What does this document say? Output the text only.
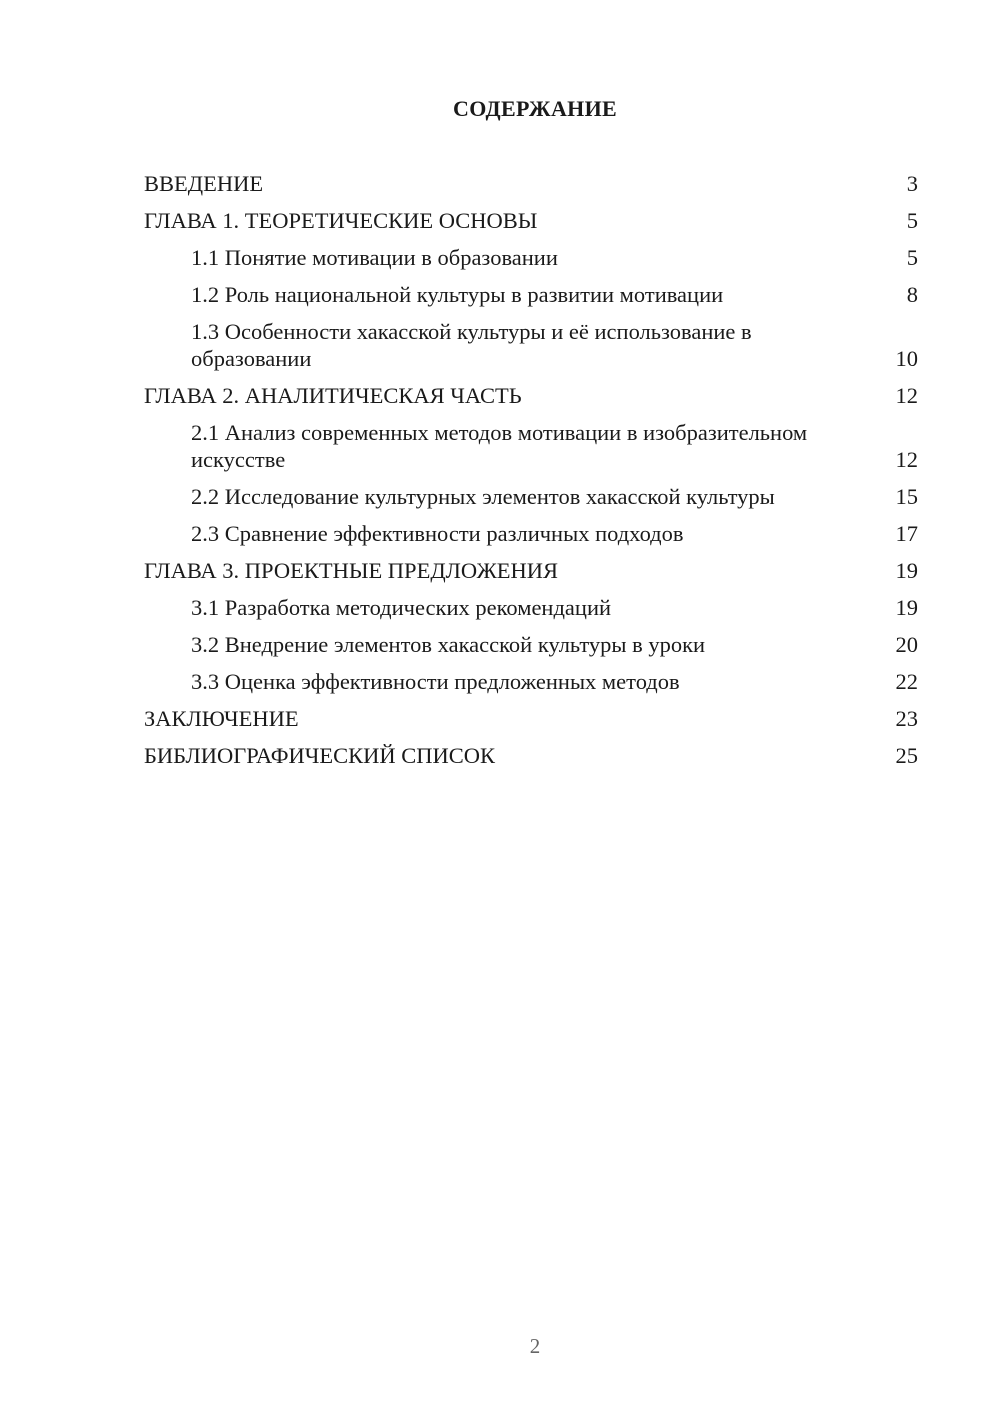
СОДЕРЖАНИЕ
ВВЕДЕНИЕ	3
ГЛАВА 1. ТЕОРЕТИЧЕСКИЕ ОСНОВЫ	5
1.1 Понятие мотивации в образовании	5
1.2 Роль национальной культуры в развитии мотивации	8
1.3 Особенности хакасской культуры и её использование в образовании	10
ГЛАВА 2. АНАЛИТИЧЕСКАЯ ЧАСТЬ	12
2.1 Анализ современных методов мотивации в изобразительном искусстве	12
2.2 Исследование культурных элементов хакасской культуры	15
2.3 Сравнение эффективности различных подходов	17
ГЛАВА 3. ПРОЕКТНЫЕ ПРЕДЛОЖЕНИЯ	19
3.1 Разработка методических рекомендаций	19
3.2 Внедрение элементов хакасской культуры в уроки	20
3.3 Оценка эффективности предложенных методов	22
ЗАКЛЮЧЕНИЕ	23
БИБЛИОГРАФИЧЕСКИЙ СПИСОК	25
2
